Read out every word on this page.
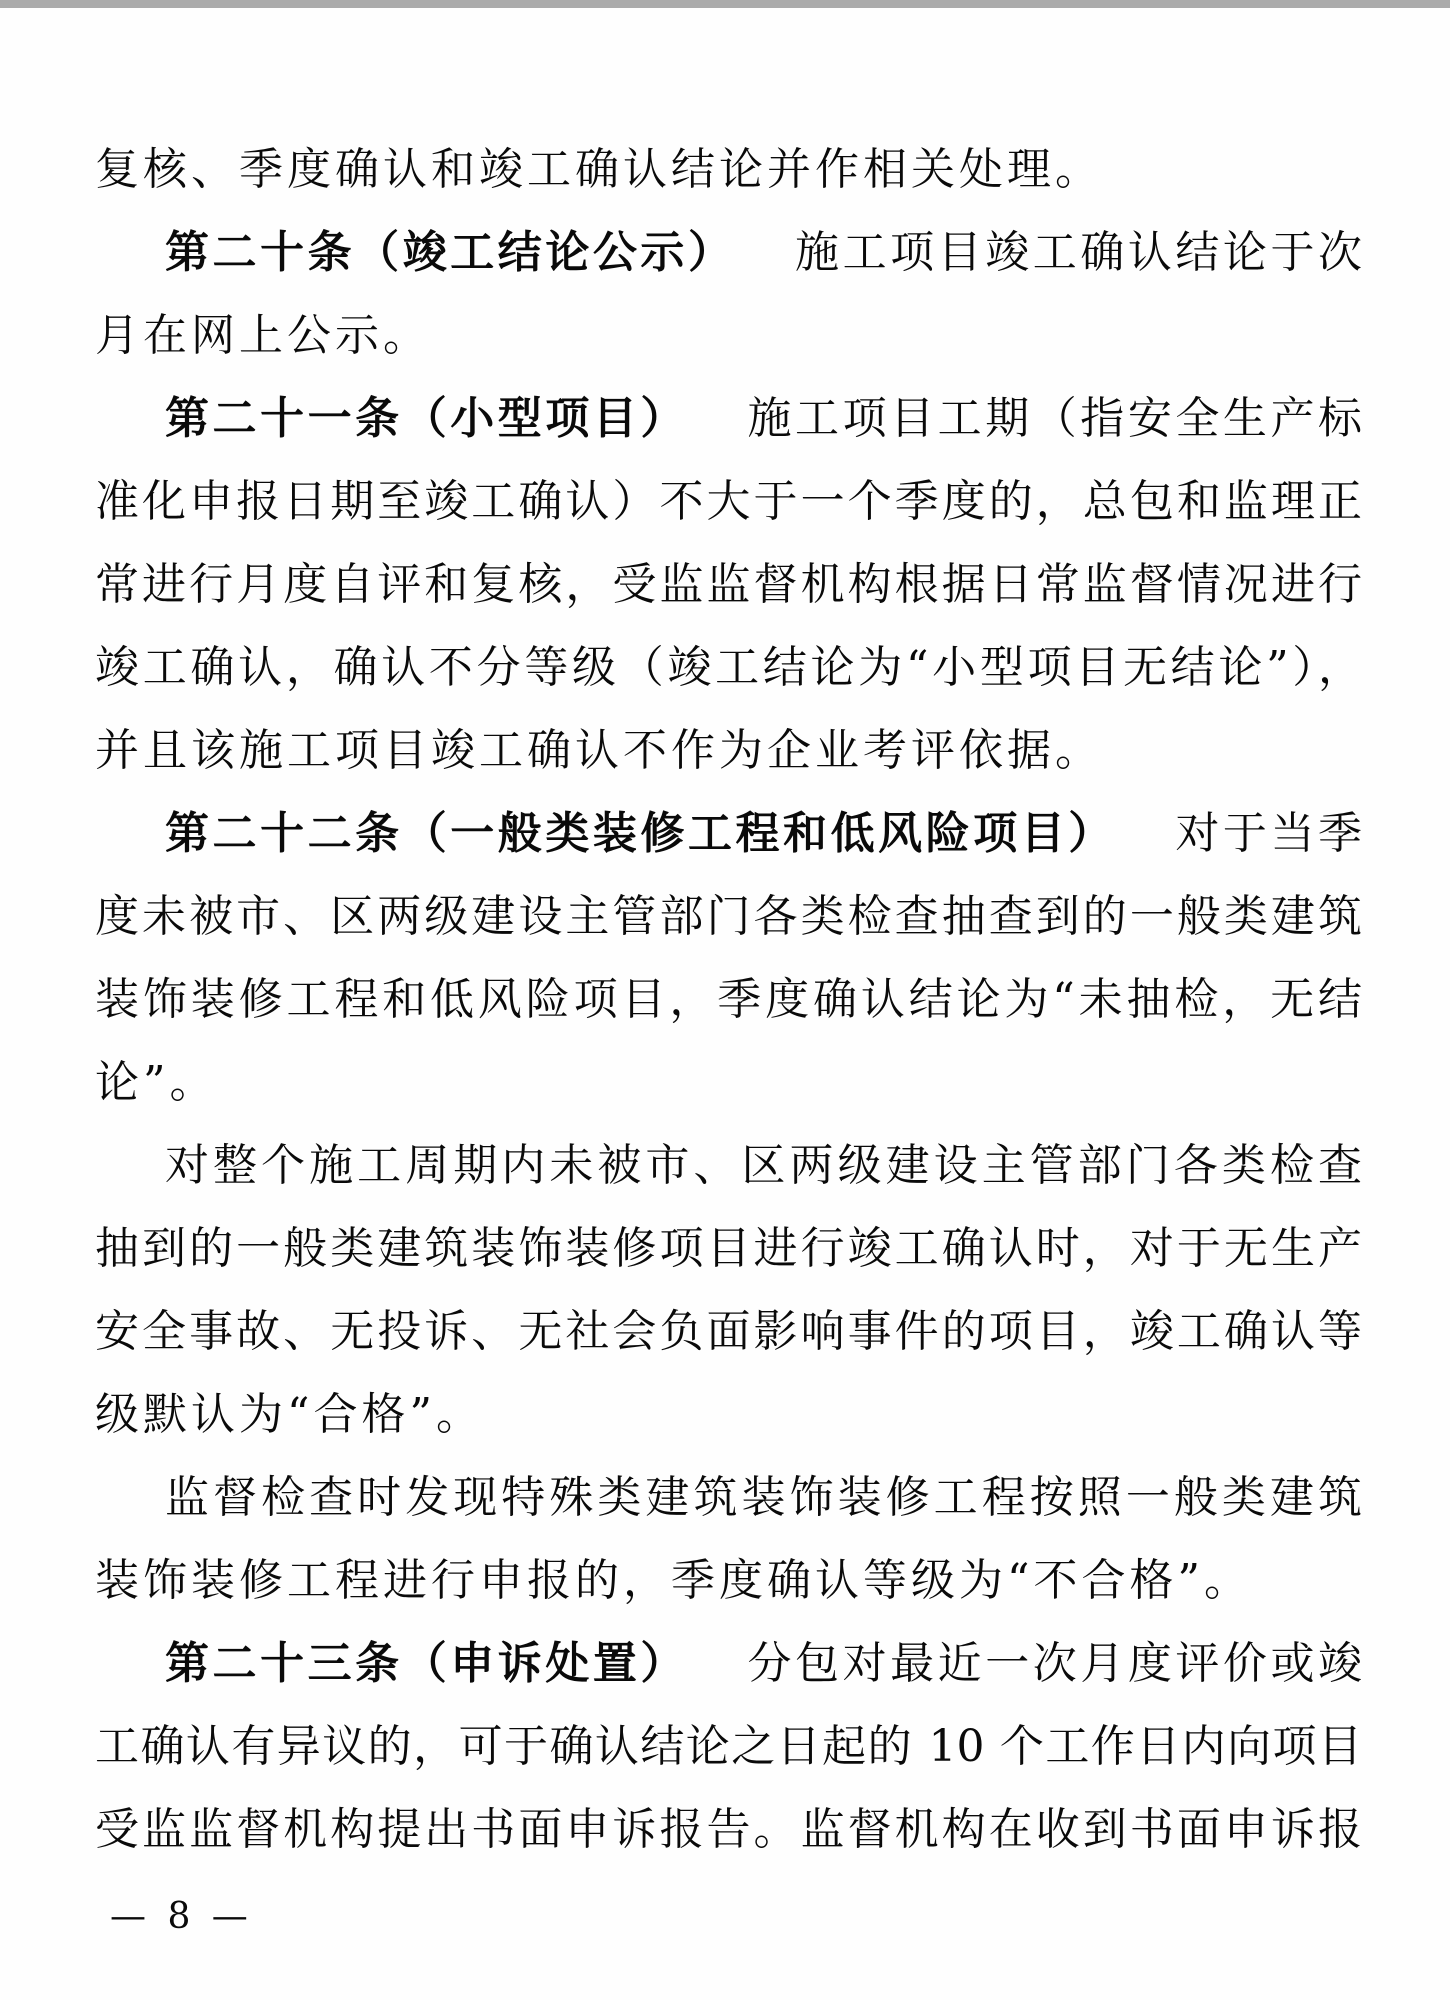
复核、季度确认和竣工确认结论并作相关处理。
第二十条（竣工结论公示） 施工项目竣工确认结论于次
月在网上公示。
第二十一条（小型项目） 施工项目工期（指安全生产标
准化申报日期至竣工确认）不大于一个季度的，总包和监理正
常进行月度自评和复核，受监监督机构根据日常监督情况进行
竣工确认，确认不分等级（竣工结论为“小型项目无结论”），
并且该施工项目竣工确认不作为企业考评依据。
第二十二条（一般类装修工程和低风险项目） 对于当季
度未被市、区两级建设主管部门各类检查抽查到的一般类建筑
装饰装修工程和低风险项目，季度确认结论为“未抽检，无结
论”。
对整个施工周期内未被市、区两级建设主管部门各类检查
抽到的一般类建筑装饰装修项目进行竣工确认时，对于无生产
安全事故、无投诉、无社会负面影响事件的项目，竣工确认等
级默认为“合格”。
监督检查时发现特殊类建筑装饰装修工程按照一般类建筑
装饰装修工程进行申报的，季度确认等级为“不合格”。
第二十三条（申诉处置） 分包对最近一次月度评价或竣
工确认有异议的，可于确认结论之日起的 10 个工作日内向项目
受监监督机构提出书面申诉报告。监督机构在收到书面申诉报
— 8 —
